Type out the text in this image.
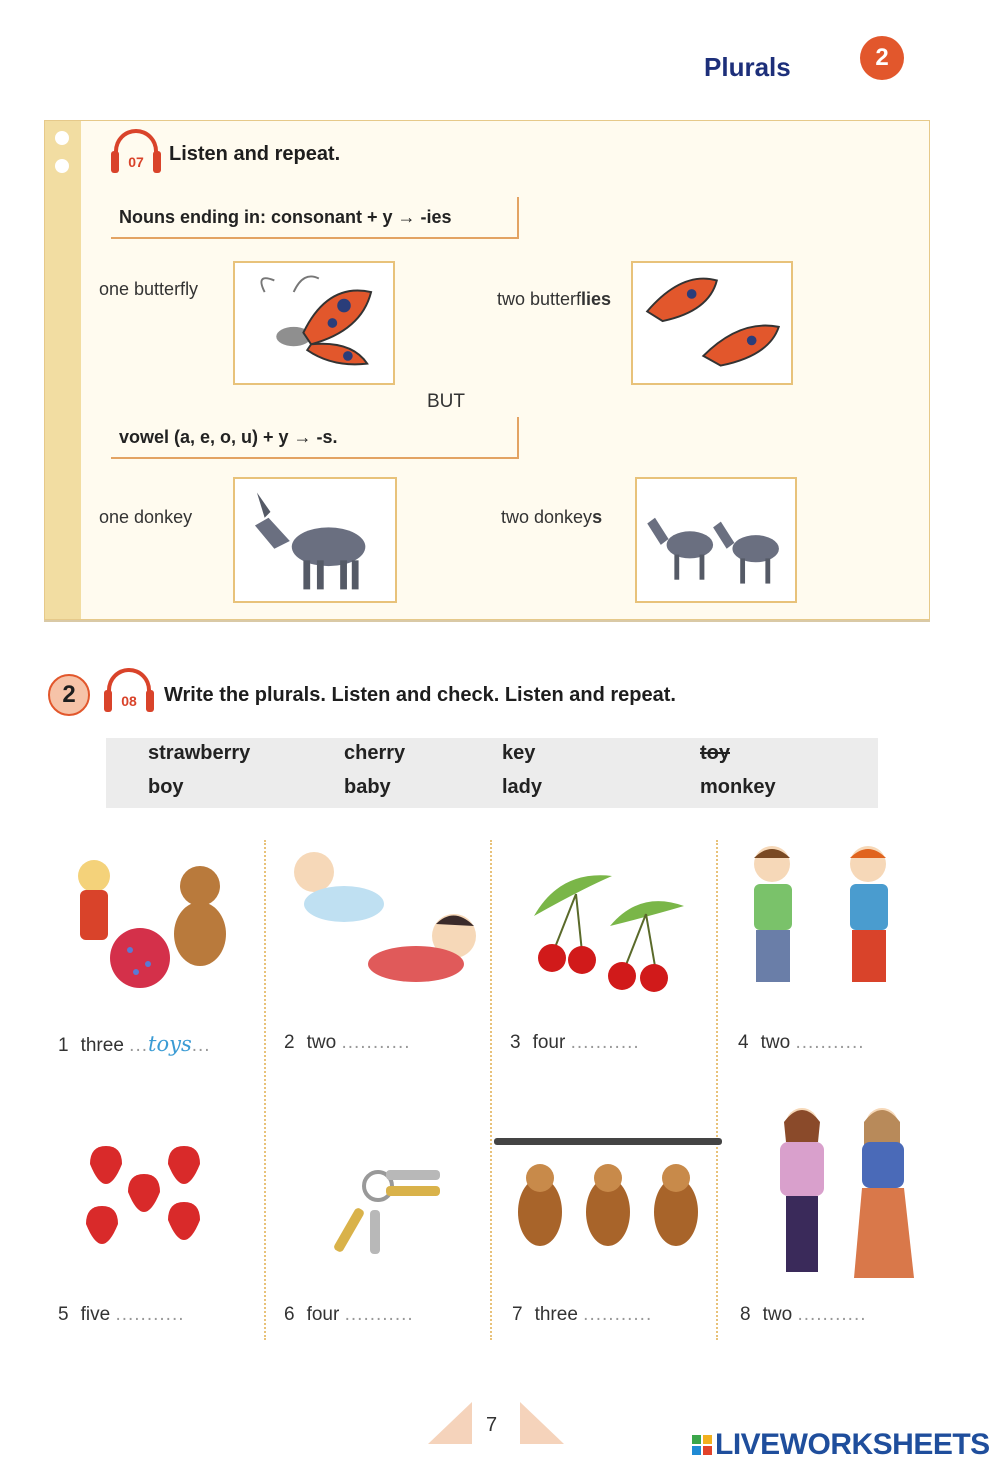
Plurals	2
07	Listen and repeat.
Nouns ending in: consonant + y → -ies
one butterfly	two butterflies
BUT
vowel (a, e, o, u) + y → -s.
one donkey	two donkeys
2	08	Write the plurals. Listen and check. Listen and repeat.
strawberry	cherry	key	toy
boy	baby	lady	monkey
1 three ...toys...	2 two ...........	3 four ...........	4 two ...........
5 five ...........	6 four ...........	7 three ...........	8 two ...........
7
LIVEWORKSHEETS
